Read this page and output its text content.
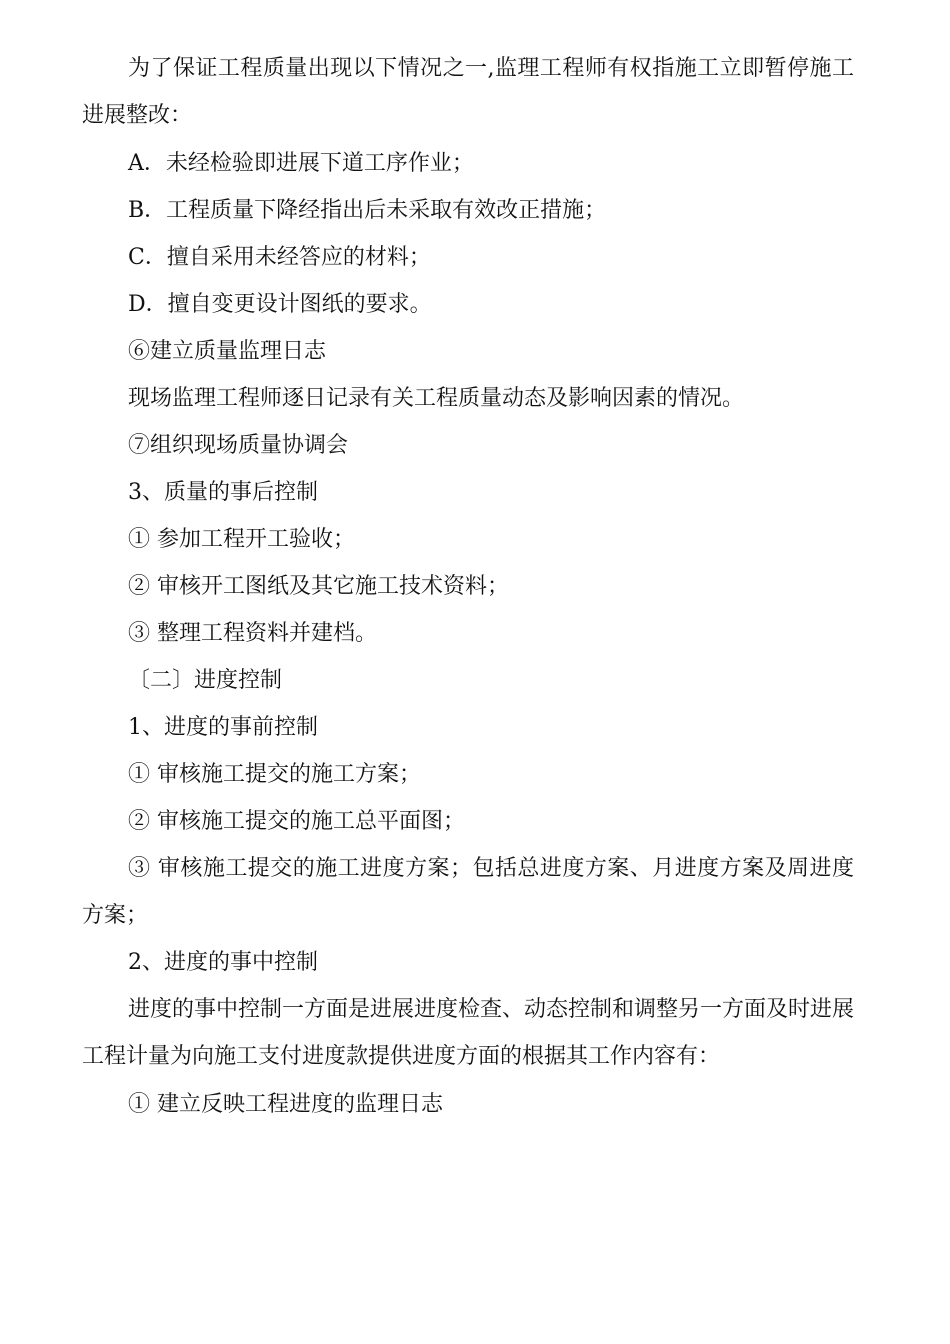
为了保证工程质量出现以下情况之一,监理工程师有权指施工立即暂停施工进展整改：

A．未经检验即进展下道工序作业；

B．工程质量下降经指出后未采取有效改正措施；

C．擅自采用未经答应的材料；

D．擅自变更设计图纸的要求。

⑥建立质量监理日志

现场监理工程师逐日记录有关工程质量动态及影响因素的情况。

⑦组织现场质量协调会

3、质量的事后控制

① 参加工程开工验收；

② 审核开工图纸及其它施工技术资料；

③ 整理工程资料并建档。

〔二〕进度控制

1、进度的事前控制

① 审核施工提交的施工方案；

② 审核施工提交的施工总平面图；

③ 审核施工提交的施工进度方案；包括总进度方案、月进度方案及周进度方案；

2、进度的事中控制

进度的事中控制一方面是进展进度检查、动态控制和调整另一方面及时进展工程计量为向施工支付进度款提供进度方面的根据其工作内容有：

① 建立反映工程进度的监理日志
